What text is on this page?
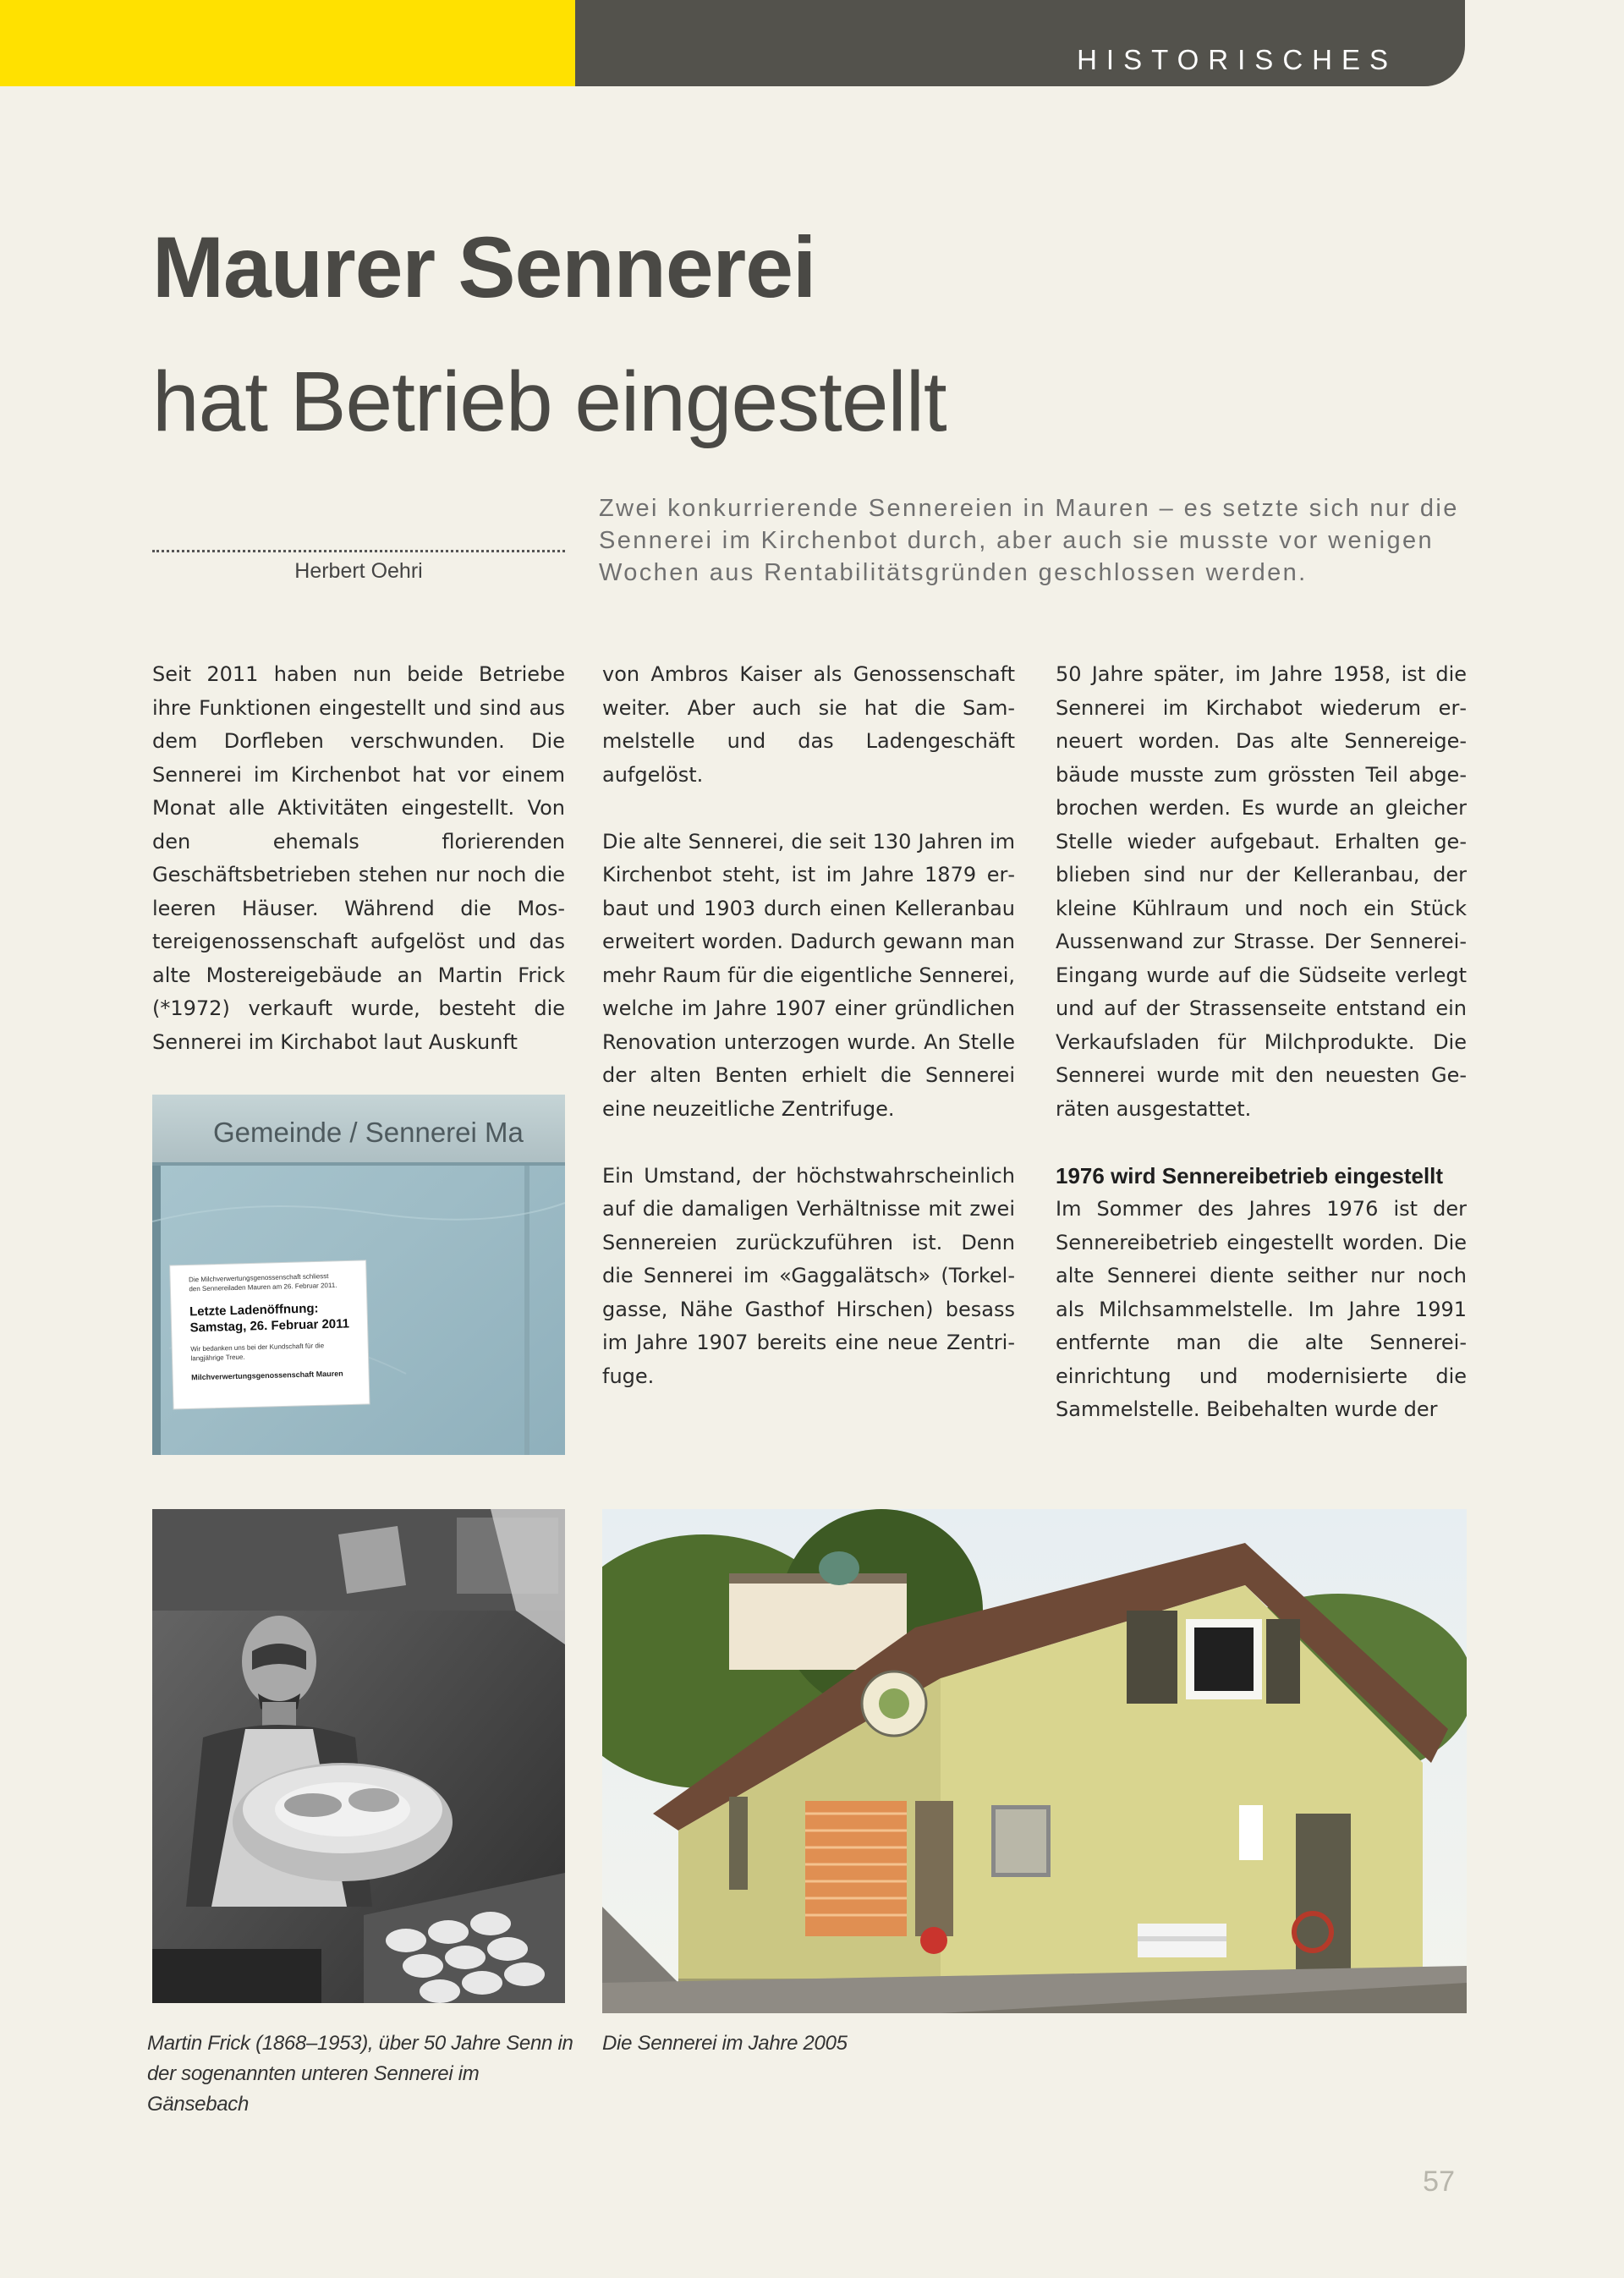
HISTORISCHES
Maurer Sennerei
hat Betrieb eingestellt
Herbert Oehri

Zwei konkurrierende Sennereien in Mauren – es setzte sich nur die Sennerei im Kirchenbot durch, aber auch sie musste vor wenigen Wochen aus Rentabilitätsgründen geschlossen werden.

Seit 2011 haben nun beide Betriebe ihre Funktionen eingestellt und sind aus dem Dorfleben verschwunden. Die Sennerei im Kirchenbot hat vor einem Monat alle Aktivitäten eingestellt. Von den ehemals florierenden Geschäftsbetrieben stehen nur noch die leeren Häuser. Während die Mostereigenossenschaft aufgelöst und das alte Mostereigebäude an Martin Frick (*1972) verkauft wurde, besteht die Sennerei im Kirchabot laut Auskunft

von Ambros Kaiser als Genossenschaft weiter. Aber auch sie hat die Sammelstelle und das Ladengeschäft aufgelöst.

Die alte Sennerei, die seit 130 Jahren im Kirchenbot steht, ist im Jahre 1879 erbaut und 1903 durch einen Kelleranbau erweitert worden. Dadurch gewann man mehr Raum für die eigentliche Sennerei, welche im Jahre 1907 einer gründlichen Renovation unterzogen wurde. An Stelle der alten Benten erhielt die Sennerei eine neuzeitliche Zentrifuge.

Ein Umstand, der höchstwahrscheinlich auf die damaligen Verhältnisse mit zwei Sennereien zurückzuführen ist. Denn die Sennerei im «Gaggalätsch» (Torkelgasse, Nähe Gasthof Hirschen) besass im Jahre 1907 bereits eine neue Zentrifuge.

50 Jahre später, im Jahre 1958, ist die Sennerei im Kirchabot wiederum erneuert worden. Das alte Sennereigebäude musste zum grössten Teil abgebrochen werden. Es wurde an gleicher Stelle wieder aufgebaut. Erhalten geblieben sind nur der Kelleranbau, der kleine Kühlraum und noch ein Stück Aussenwand zur Strasse. Der Sennerei-Eingang wurde auf die Südseite verlegt und auf der Strassenseite entstand ein Verkaufsladen für Milchprodukte. Die Sennerei wurde mit den neuesten Geräten ausgestattet.

1976 wird Sennereibetrieb eingestellt

Im Sommer des Jahres 1976 ist der Sennereibetrieb eingestellt worden. Die alte Sennerei diente seither nur noch als Milchsammelstelle. Im Jahre 1991 entfernte man die alte Sennereieinrichtung und modernisierte die Sammelstelle. Beibehalten wurde der

Gemeinde / Sennerei Ma
Die Milchverwertungsgenossenschaft schliesst
den Sennereiladen Mauren am 26. Februar 2011.
Letzte Ladenöffnung:
Samstag, 26. Februar 2011
Wir bedanken uns bei der Kundschaft für die
langjährige Treue.
Milchverwertungsgenossenschaft Mauren
Martin Frick (1868–1953), über 50 Jahre Senn in der sogenannten unteren Sennerei im Gänsebach
Die Sennerei im Jahre 2005
57
